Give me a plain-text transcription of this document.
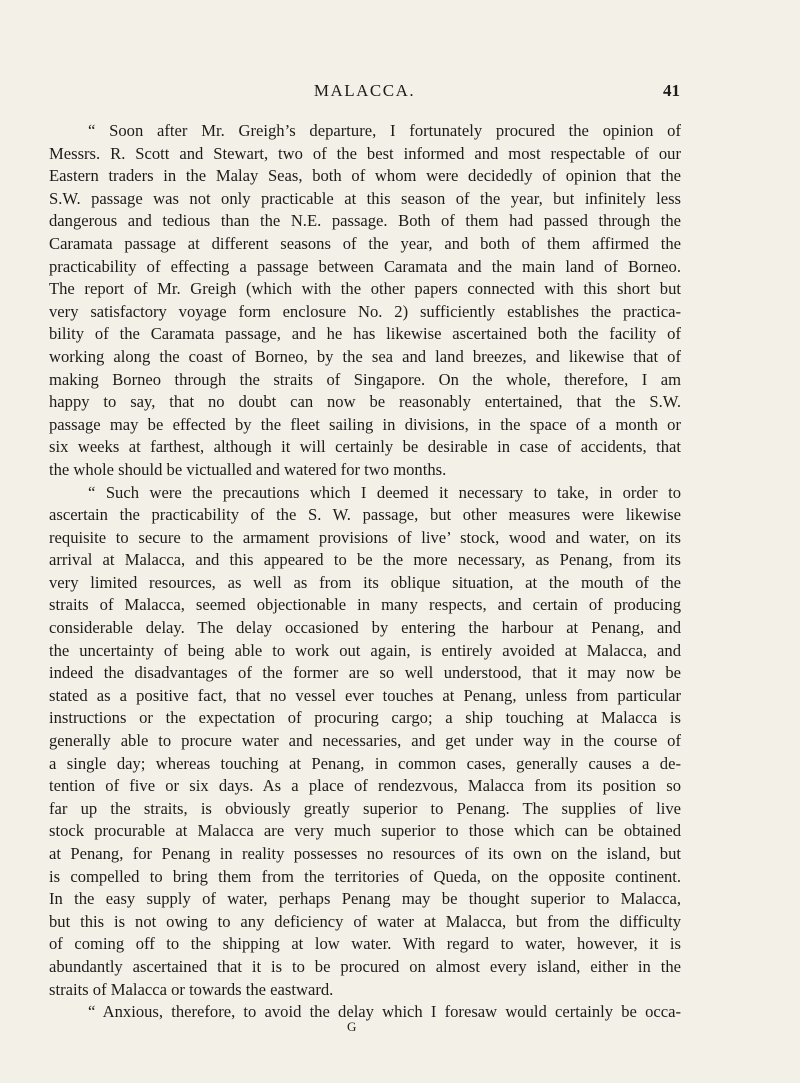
MALACCA.	41
“ Soon after Mr. Greigh’s departure, I fortunately procured the opinion of
Messrs. R. Scott and Stewart, two of the best informed and most respectable of our
Eastern traders in the Malay Seas, both of whom were decidedly of opinion that the
S.W. passage was not only practicable at this season of the year, but infinitely less
dangerous and tedious than the N.E. passage. Both of them had passed through the
Caramata passage at different seasons of the year, and both of them affirmed the
practicability of effecting a passage between Caramata and the main land of Borneo.
The report of Mr. Greigh (which with the other papers connected with this short but
very satisfactory voyage form enclosure No. 2) sufficiently establishes the practica-
bility of the Caramata passage, and he has likewise ascertained both the facility of
working along the coast of Borneo, by the sea and land breezes, and likewise that of
making Borneo through the straits of Singapore. On the whole, therefore, I am
happy to say, that no doubt can now be reasonably entertained, that the S.W.
passage may be effected by the fleet sailing in divisions, in the space of a month or
six weeks at farthest, although it will certainly be desirable in case of accidents, that
the whole should be victualled and watered for two months.
“ Such were the precautions which I deemed it necessary to take, in order to
ascertain the practicability of the S. W. passage, but other measures were likewise
requisite to secure to the armament provisions of live’ stock, wood and water, on its
arrival at Malacca, and this appeared to be the more necessary, as Penang, from its
very limited resources, as well as from its oblique situation, at the mouth of the
straits of Malacca, seemed objectionable in many respects, and certain of producing
considerable delay. The delay occasioned by entering the harbour at Penang, and
the uncertainty of being able to work out again, is entirely avoided at Malacca, and
indeed the disadvantages of the former are so well understood, that it may now be
stated as a positive fact, that no vessel ever touches at Penang, unless from particular
instructions or the expectation of procuring cargo; a ship touching at Malacca is
generally able to procure water and necessaries, and get under way in the course of
a single day; whereas touching at Penang, in common cases, generally causes a de-
tention of five or six days. As a place of rendezvous, Malacca from its position so
far up the straits, is obviously greatly superior to Penang. The supplies of live
stock procurable at Malacca are very much superior to those which can be obtained
at Penang, for Penang in reality possesses no resources of its own on the island, but
is compelled to bring them from the territories of Queda, on the opposite continent.
In the easy supply of water, perhaps Penang may be thought superior to Malacca,
but this is not owing to any deficiency of water at Malacca, but from the difficulty
of coming off to the shipping at low water. With regard to water, however, it is
abundantly ascertained that it is to be procured on almost every island, either in the
straits of Malacca or towards the eastward.
“ Anxious, therefore, to avoid the delay which I foresaw would certainly be occa-
G
